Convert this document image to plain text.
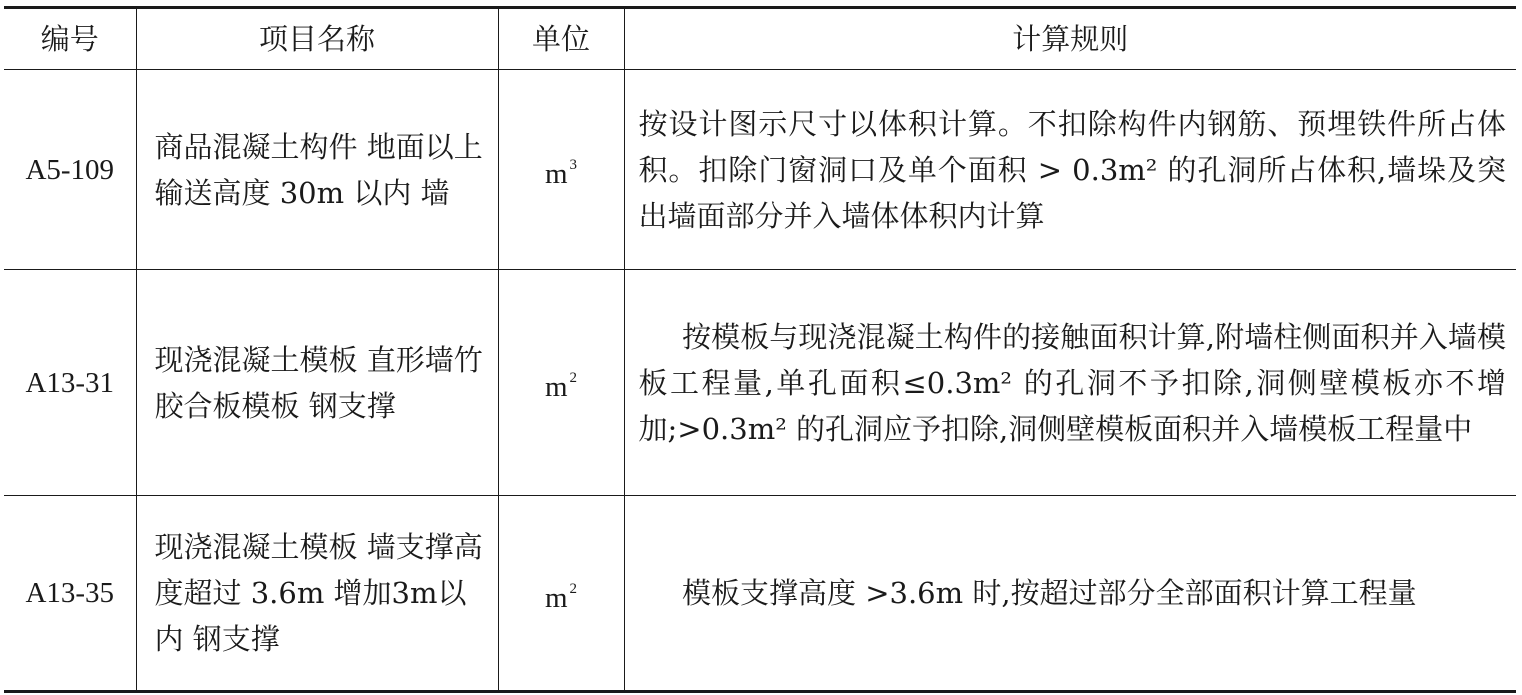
编号	项目名称	单位	计算规则
A5-109	商品混凝土构件 地面以上输送高度 30m 以内 墙	m $^3$	按设计图示尺寸以体积计算。不扣除构件内钢筋、预埋铁件所占体积。扣除门窗洞口及单个面积 > 0.3m² 的孔洞所占体积,墙垛及突出墙面部分并入墙体体积内计算
A13-31	现浇混凝土模板 直形墙竹胶合板模板 钢支撑	m $^2$	按模板与现浇混凝土构件的接触面积计算,附墙柱侧面积并入墙模板工程量,单孔面积≤0.3m² 的孔洞不予扣除,洞侧壁模板亦不增加;>0.3m² 的孔洞应予扣除,洞侧壁模板面积并入墙模板工程量中
A13-35	现浇混凝土模板 墙支撑高度超过 3.6m 增加3m以内 钢支撑	m $^2$	模板支撑高度 >3.6m 时,按超过部分全部面积计算工程量
